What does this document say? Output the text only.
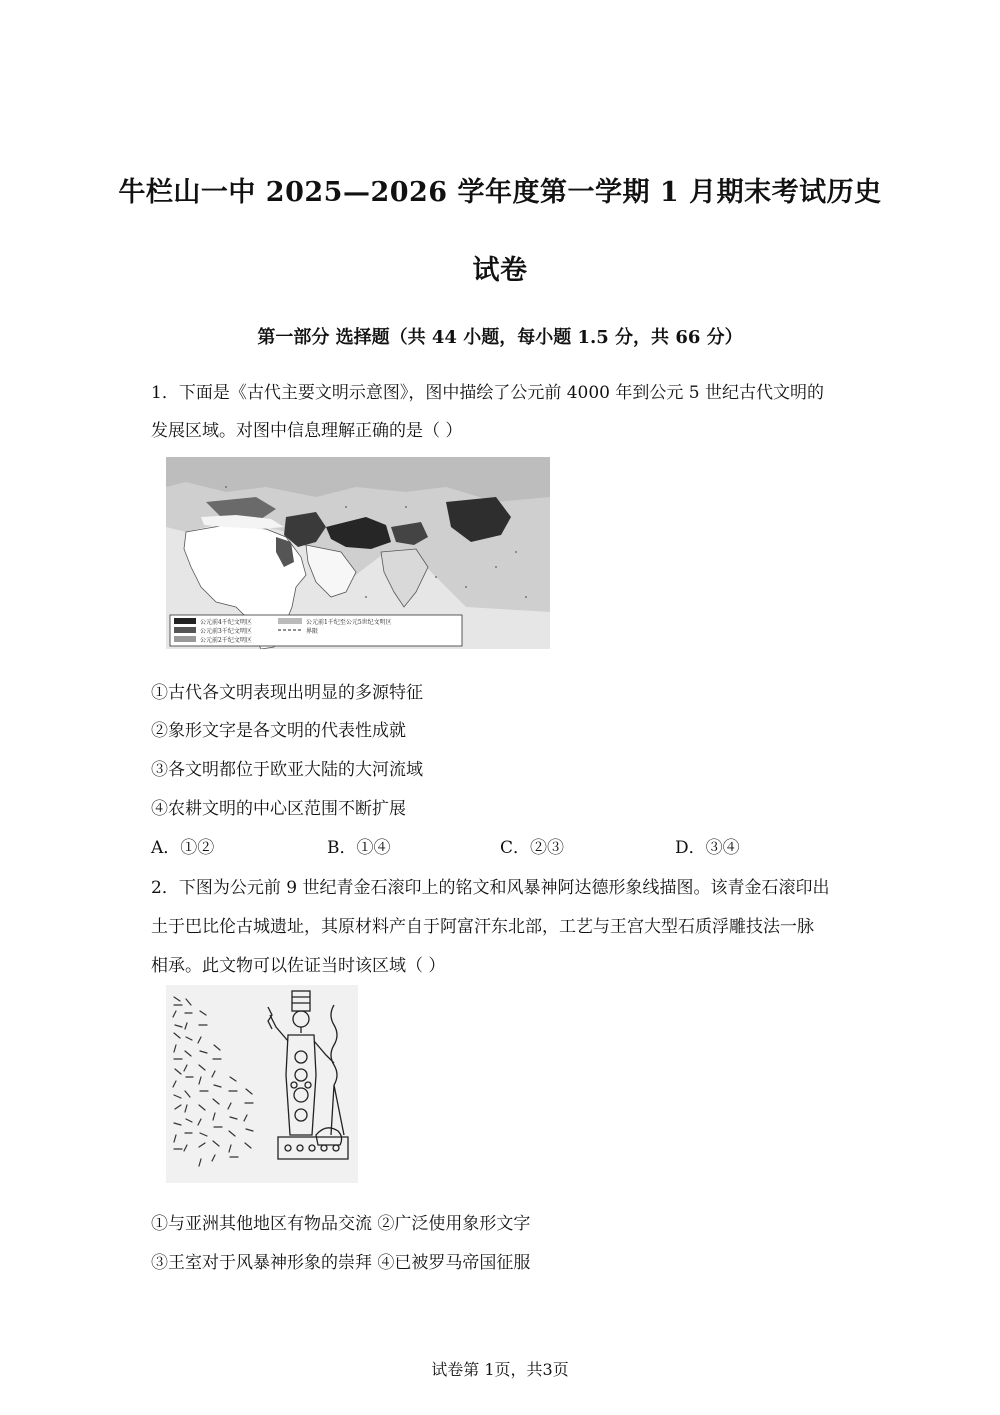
牛栏山一中 2025—2026 学年度第一学期 1 月期末考试历史
试卷
第一部分 选择题（共 44 小题，每小题 1.5 分，共 66 分）
1．下面是《古代主要文明示意图》，图中描绘了公元前 4000 年到公元 5 世纪古代文明的
发展区域。对图中信息理解正确的是（ ）
公元前4千纪文明区
公元前3千纪文明区
公元前2千纪文明区
公元前1千纪至公元5世纪文明区
界限
①古代各文明表现出明显的多源特征
②象形文字是各文明的代表性成就
③各文明都位于欧亚大陆的大河流域
④农耕文明的中心区范围不断扩展
A．①②	B．①④	C．②③	D．③④
2．下图为公元前 9 世纪青金石滚印上的铭文和风暴神阿达德形象线描图。该青金石滚印出
土于巴比伦古城遗址，其原材料产自于阿富汗东北部，工艺与王宫大型石质浮雕技法一脉
相承。此文物可以佐证当时该区域（ ）
①与亚洲其他地区有物品交流 ②广泛使用象形文字
③王室对于风暴神形象的崇拜 ④已被罗马帝国征服
试卷第 1页，共3页
